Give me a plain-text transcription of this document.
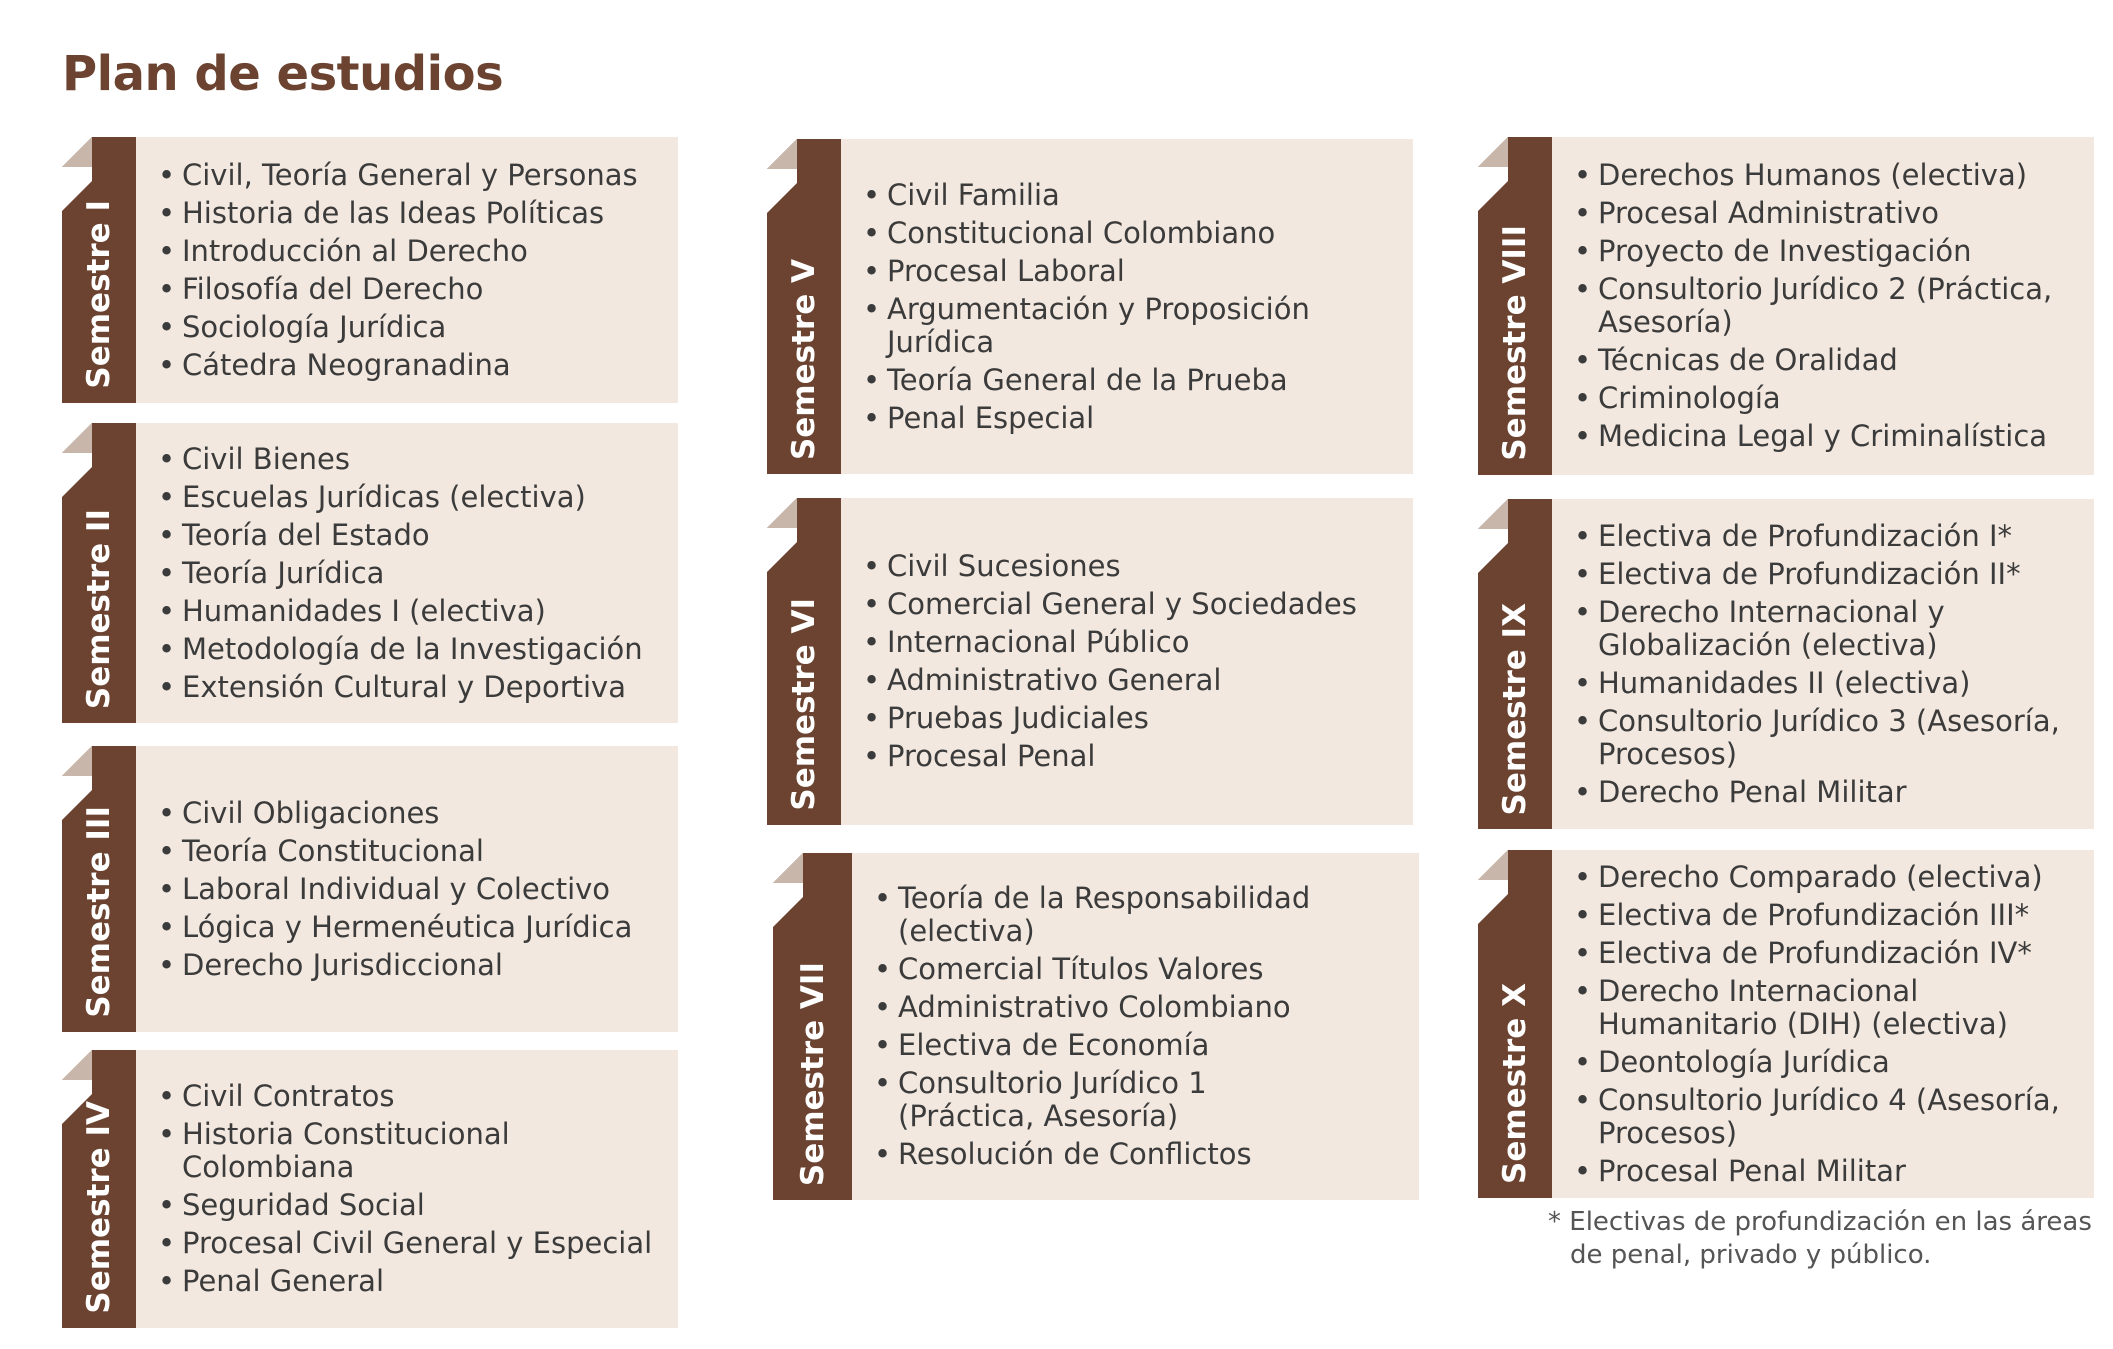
Plan de estudios
Semestre I
• Civil, Teoría General y Personas
• Historia de las Ideas Políticas
• Introducción al Derecho
• Filosofía del Derecho
• Sociología Jurídica
• Cátedra Neogranadina
Semestre II
• Civil Bienes
• Escuelas Jurídicas (electiva)
• Teoría del Estado
• Teoría Jurídica
• Humanidades I (electiva)
• Metodología de la Investigación
• Extensión Cultural y Deportiva
Semestre III
•	Civil Obligaciones
• Teoría Constitucional
• Laboral Individual y Colectivo
• Lógica y Hermenéutica Jurídica
• Derecho Jurisdiccional
Semestre IV
• Civil Contratos
• Historia Constitucional Colombiana
• Seguridad Social
• Procesal Civil General y Especial
• Penal General
Semestre V
• Civil Familia
• Constitucional Colombiano
• Procesal Laboral
• Argumentación y Proposición Jurídica
• Teoría General de la Prueba
• Penal Especial
Semestre VI
• Civil Sucesiones
• Comercial General y Sociedades
• Internacional Público
• Administrativo General
• Pruebas Judiciales
• Procesal Penal
Semestre VII
• Teoría de la Responsabilidad (electiva)
• Comercial Títulos Valores
• Administrativo Colombiano
• Electiva de Economía
• Consultorio Jurídico 1 (Práctica, Asesoría)
• Resolución de Conflictos
Semestre VIII
• Derechos Humanos (electiva)
• Procesal Administrativo
• Proyecto de Investigación
• Consultorio Jurídico 2 (Práctica, Asesoría)
• Técnicas de Oralidad
• Criminología
• Medicina Legal y Criminalística
Semestre IX
• Electiva de Profundización I*
• Electiva de Profundización II*
• Derecho Internacional y Globalización (electiva)
• Humanidades II (electiva)
• Consultorio Jurídico 3 (Asesoría, Procesos)
• Derecho Penal Militar
Semestre X
• Derecho Comparado (electiva)
• Electiva de Profundización III*
• Electiva de Profundización IV*
• Derecho Internacional Humanitario (DIH) (electiva)
• Deontología Jurídica
• Consultorio Jurídico 4 (Asesoría, Procesos)
• Procesal Penal Militar

* Electivas de profundización en las áreas de penal, privado y público.
